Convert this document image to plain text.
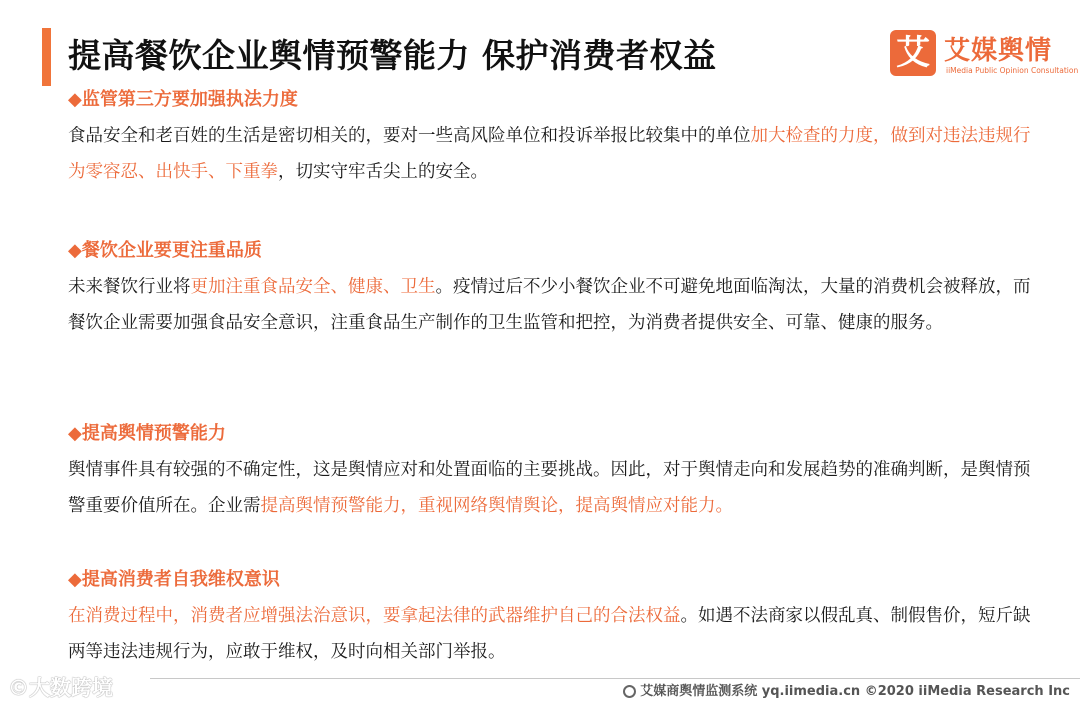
提高餐饮企业舆情预警能力 保护消费者权益	艾 艾媒舆情
iiMedia Public Opinion Consultation
◆监管第三方要加强执法力度
食品安全和老百姓的生活是密切相关的，要对一些高风险单位和投诉举报比较集中的单位加大检查的力度，做到对违法违规行为零容忍、出快手、下重拳，切实守牢舌尖上的安全。
◆餐饮企业要更注重品质
未来餐饮行业将更加注重食品安全、健康、卫生。疫情过后不少小餐饮企业不可避免地面临淘汰，大量的消费机会被释放，而餐饮企业需要加强食品安全意识，注重食品生产制作的卫生监管和把控，为消费者提供安全、可靠、健康的服务。
◆提高舆情预警能力
舆情事件具有较强的不确定性，这是舆情应对和处置面临的主要挑战。因此，对于舆情走向和发展趋势的准确判断，是舆情预警重要价值所在。企业需提高舆情预警能力，重视网络舆情舆论，提高舆情应对能力。
◆提高消费者自我维权意识
在消费过程中，消费者应增强法治意识，要拿起法律的武器维护自己的合法权益。如遇不法商家以假乱真、制假售价，短斤缺两等违法违规行为，应敢于维权，及时向相关部门举报。
艾媒商舆情监测系统 yq.iimedia.cn ©2020 iiMedia Research Inc
©大数跨境
